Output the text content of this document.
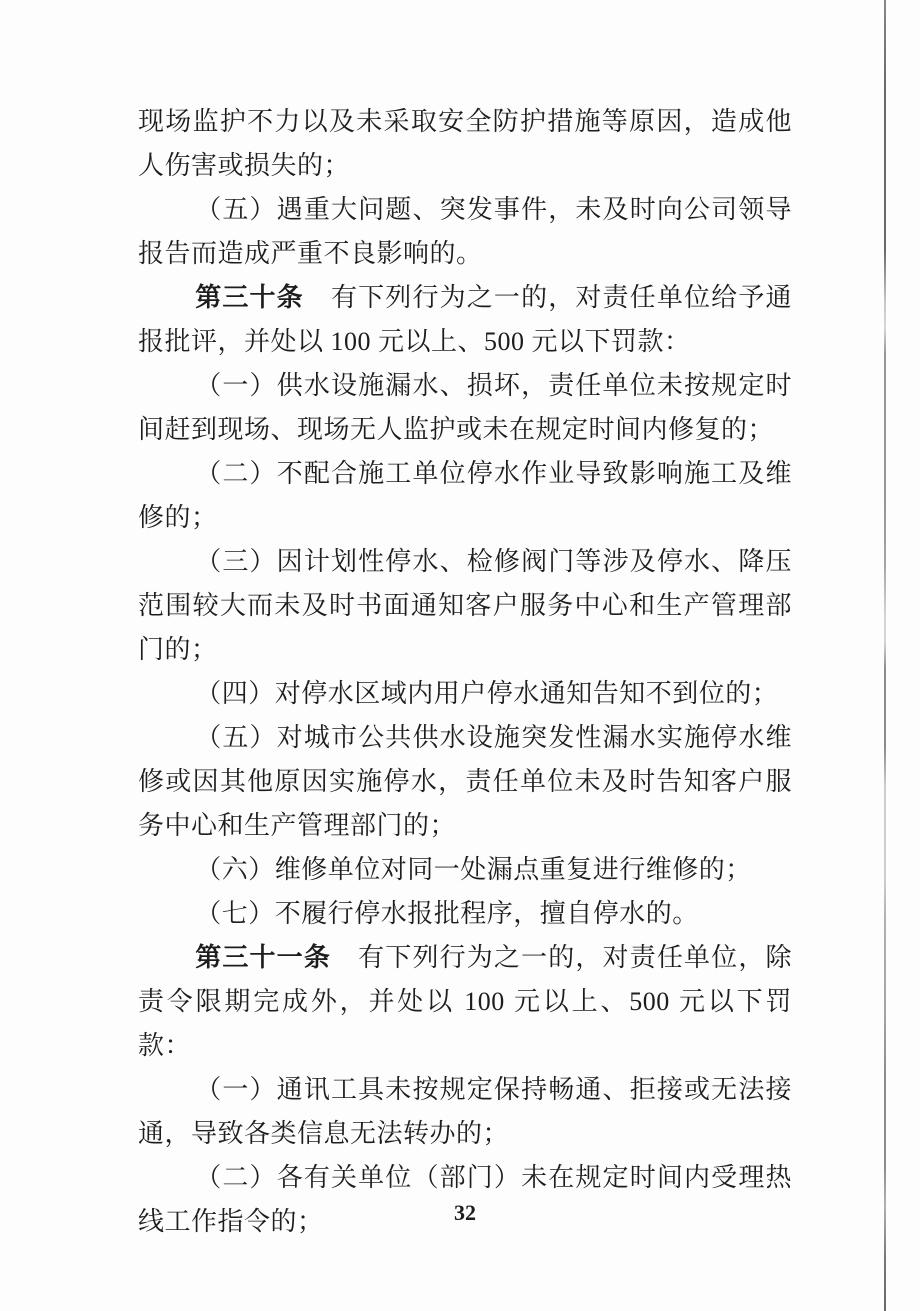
现场监护不力以及未采取安全防护措施等原因，造成他人伤害或损失的；

（五）遇重大问题、突发事件，未及时向公司领导报告而造成严重不良影响的。

第三十条　有下列行为之一的，对责任单位给予通报批评，并处以 100 元以上、500 元以下罚款：

（一）供水设施漏水、损坏，责任单位未按规定时间赶到现场、现场无人监护或未在规定时间内修复的；

（二）不配合施工单位停水作业导致影响施工及维修的；

（三）因计划性停水、检修阀门等涉及停水、降压范围较大而未及时书面通知客户服务中心和生产管理部门的；

（四）对停水区域内用户停水通知告知不到位的；

（五）对城市公共供水设施突发性漏水实施停水维修或因其他原因实施停水，责任单位未及时告知客户服务中心和生产管理部门的；

（六）维修单位对同一处漏点重复进行维修的；

（七）不履行停水报批程序，擅自停水的。

第三十一条　有下列行为之一的，对责任单位，除责令限期完成外，并处以 100 元以上、500 元以下罚款：

（一）通讯工具未按规定保持畅通、拒接或无法接通，导致各类信息无法转办的；

（二）各有关单位（部门）未在规定时间内受理热线工作指令的；	32
